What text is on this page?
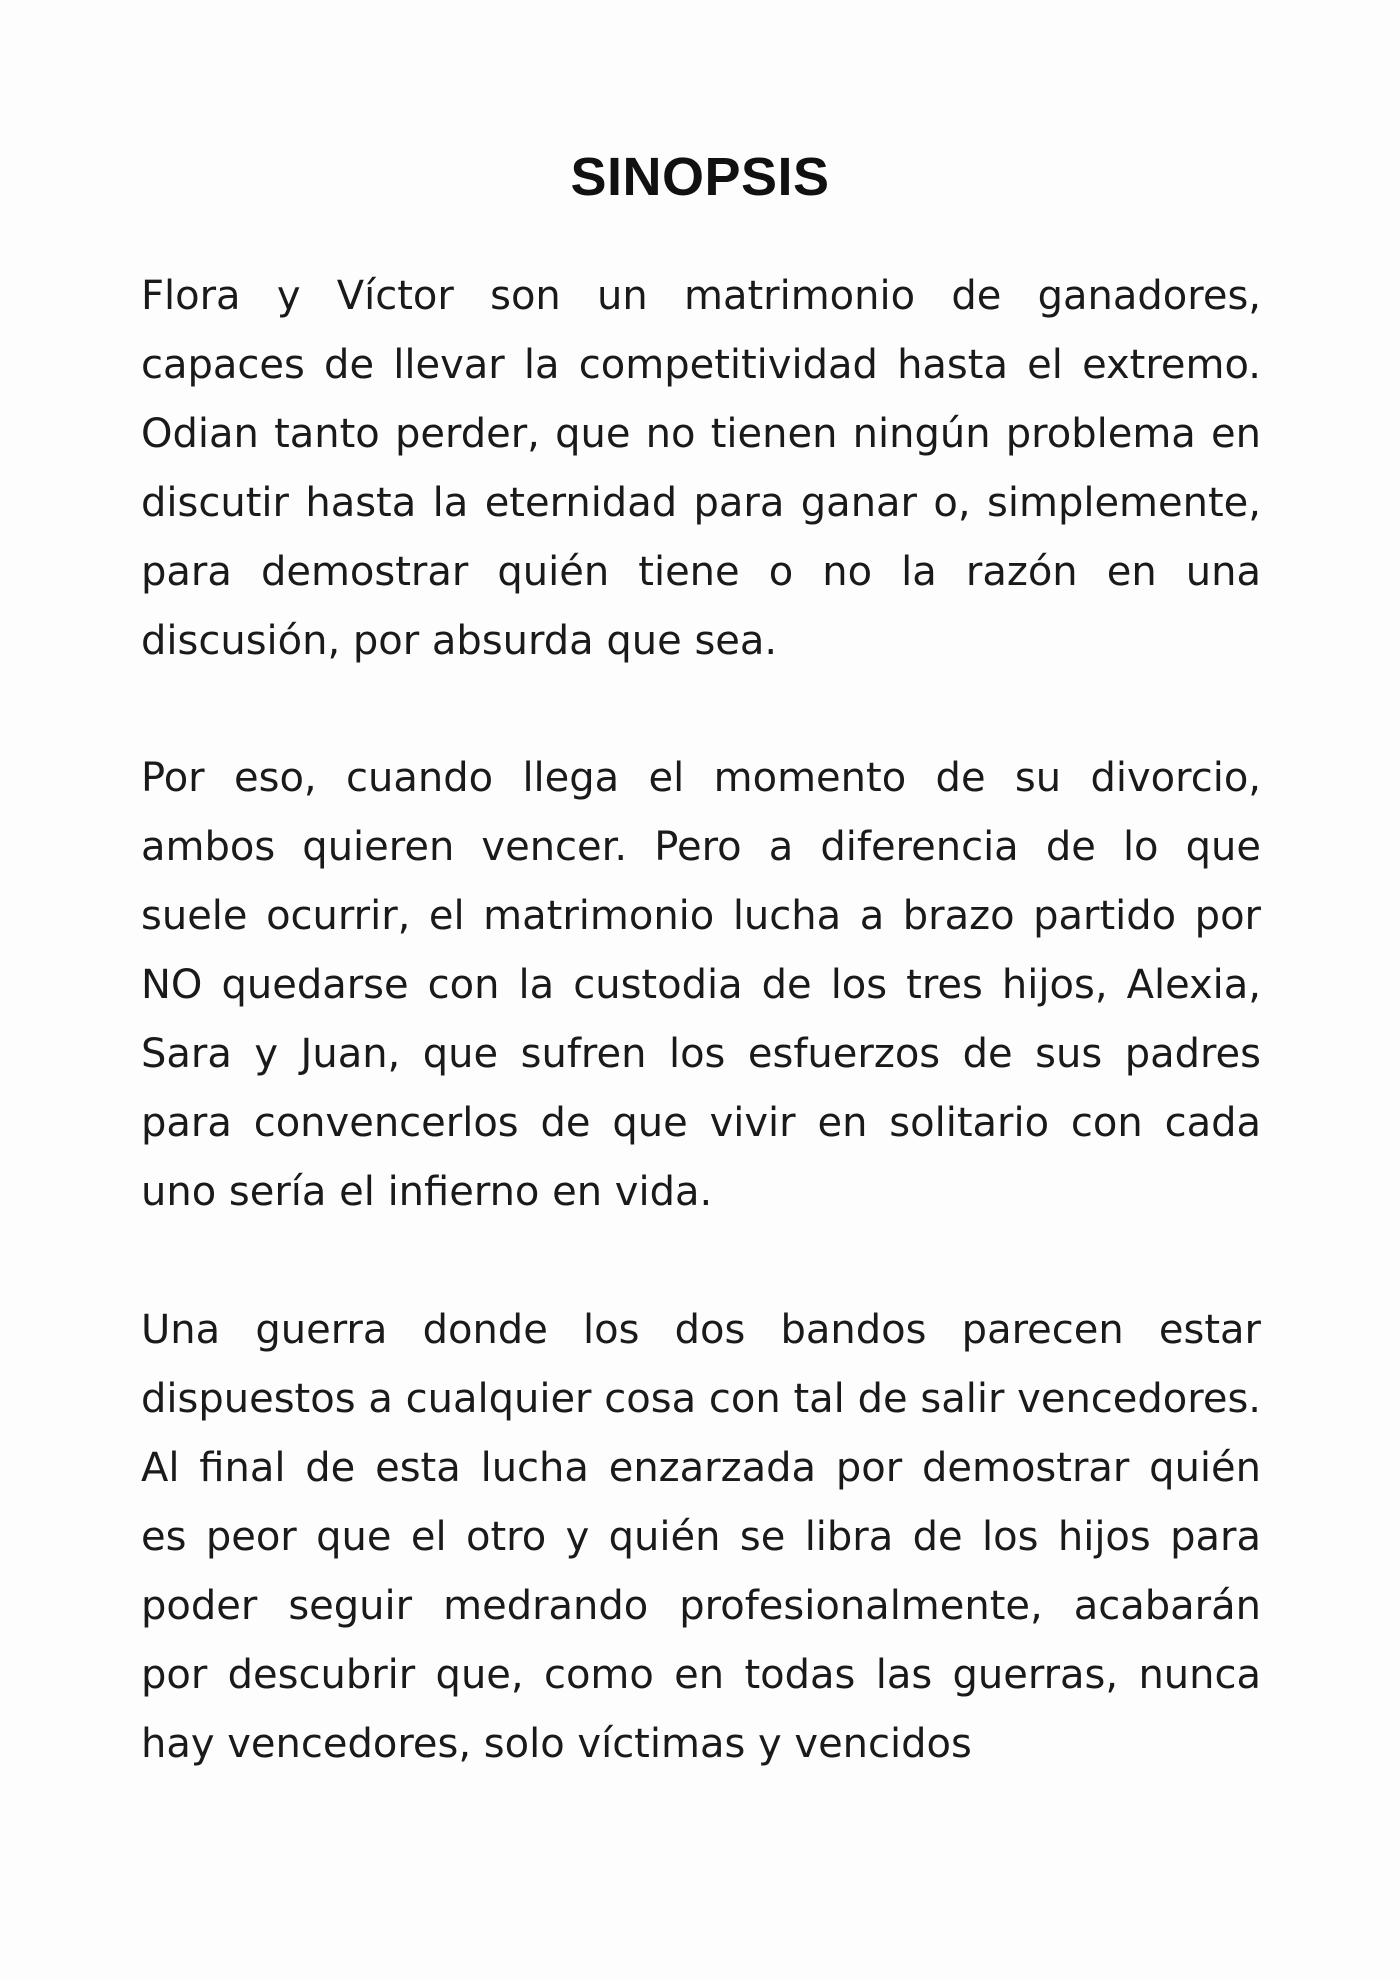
SINOPSIS

Flora y Víctor son un matrimonio de ganadores, capaces de llevar la competitividad hasta el extremo. Odian tanto perder, que no tienen ningún problema en discutir hasta la eternidad para ganar o, simplemente, para demostrar quién tiene o no la razón en una discusión, por absurda que sea.

Por eso, cuando llega el momento de su divorcio, ambos quieren vencer. Pero a diferencia de lo que suele ocurrir, el matrimonio lucha a brazo partido por NO quedarse con la custodia de los tres hijos, Alexia, Sara y Juan, que sufren los esfuerzos de sus padres para convencerlos de que vivir en solitario con cada uno sería el infierno en vida.

Una guerra donde los dos bandos parecen estar dispuestos a cualquier cosa con tal de salir vencedores. Al final de esta lucha enzarzada por demostrar quién es peor que el otro y quién se libra de los hijos para poder seguir medrando profesionalmente, acabarán por descubrir que, como en todas las guerras, nunca hay vencedores, solo víctimas y vencidos
